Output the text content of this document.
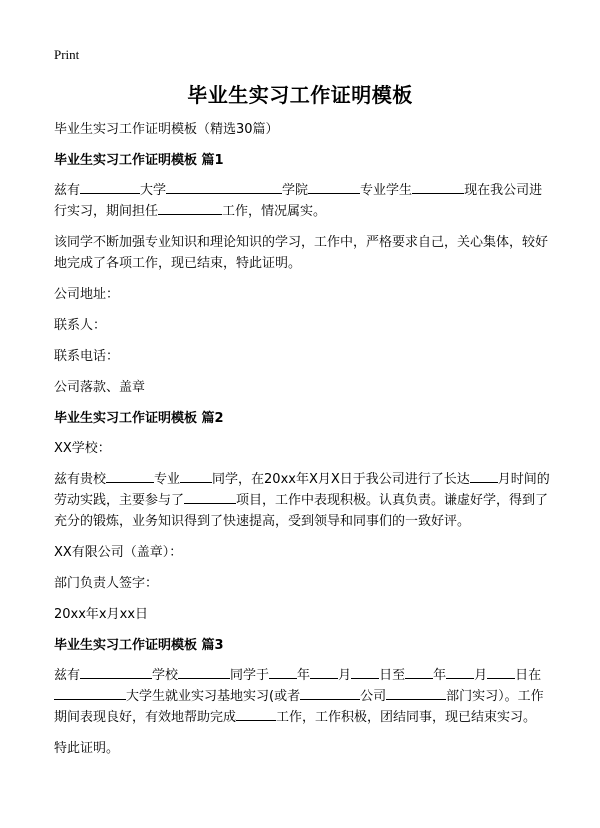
Print
毕业生实习工作证明模板

毕业生实习工作证明模板（精选30篇）

毕业生实习工作证明模板 篇1

兹有	大学	学院	专业学生	现在我公司进行实习，期间担任	工作，情况属实。

该同学不断加强专业知识和理论知识的学习，工作中，严格要求自己，关心集体，较好地完成了各项工作，现已结束，特此证明。

公司地址：

联系人：

联系电话：

公司落款、盖章

毕业生实习工作证明模板 篇2

XX学校：

兹有贵校	专业 同学，在20xx年X月X日于我公司进行了长达 月时间的劳动实践，主要参与了	项目，工作中表现积极。认真负责。谦虚好学，得到了充分的锻炼，业务知识得到了快速提高，受到领导和同事们的一致好评。

XX有限公司（盖章）：

部门负责人签字：

20xx年x月xx日

毕业生实习工作证明模板 篇3

兹有	学校	同学于 年 月 日至 年 月 日在大学生就业实习基地实习(或者	公司	部门实习）。工作期间表现良好，有效地帮助完成	工作，工作积极，团结同事，现已结束实习。

特此证明。
